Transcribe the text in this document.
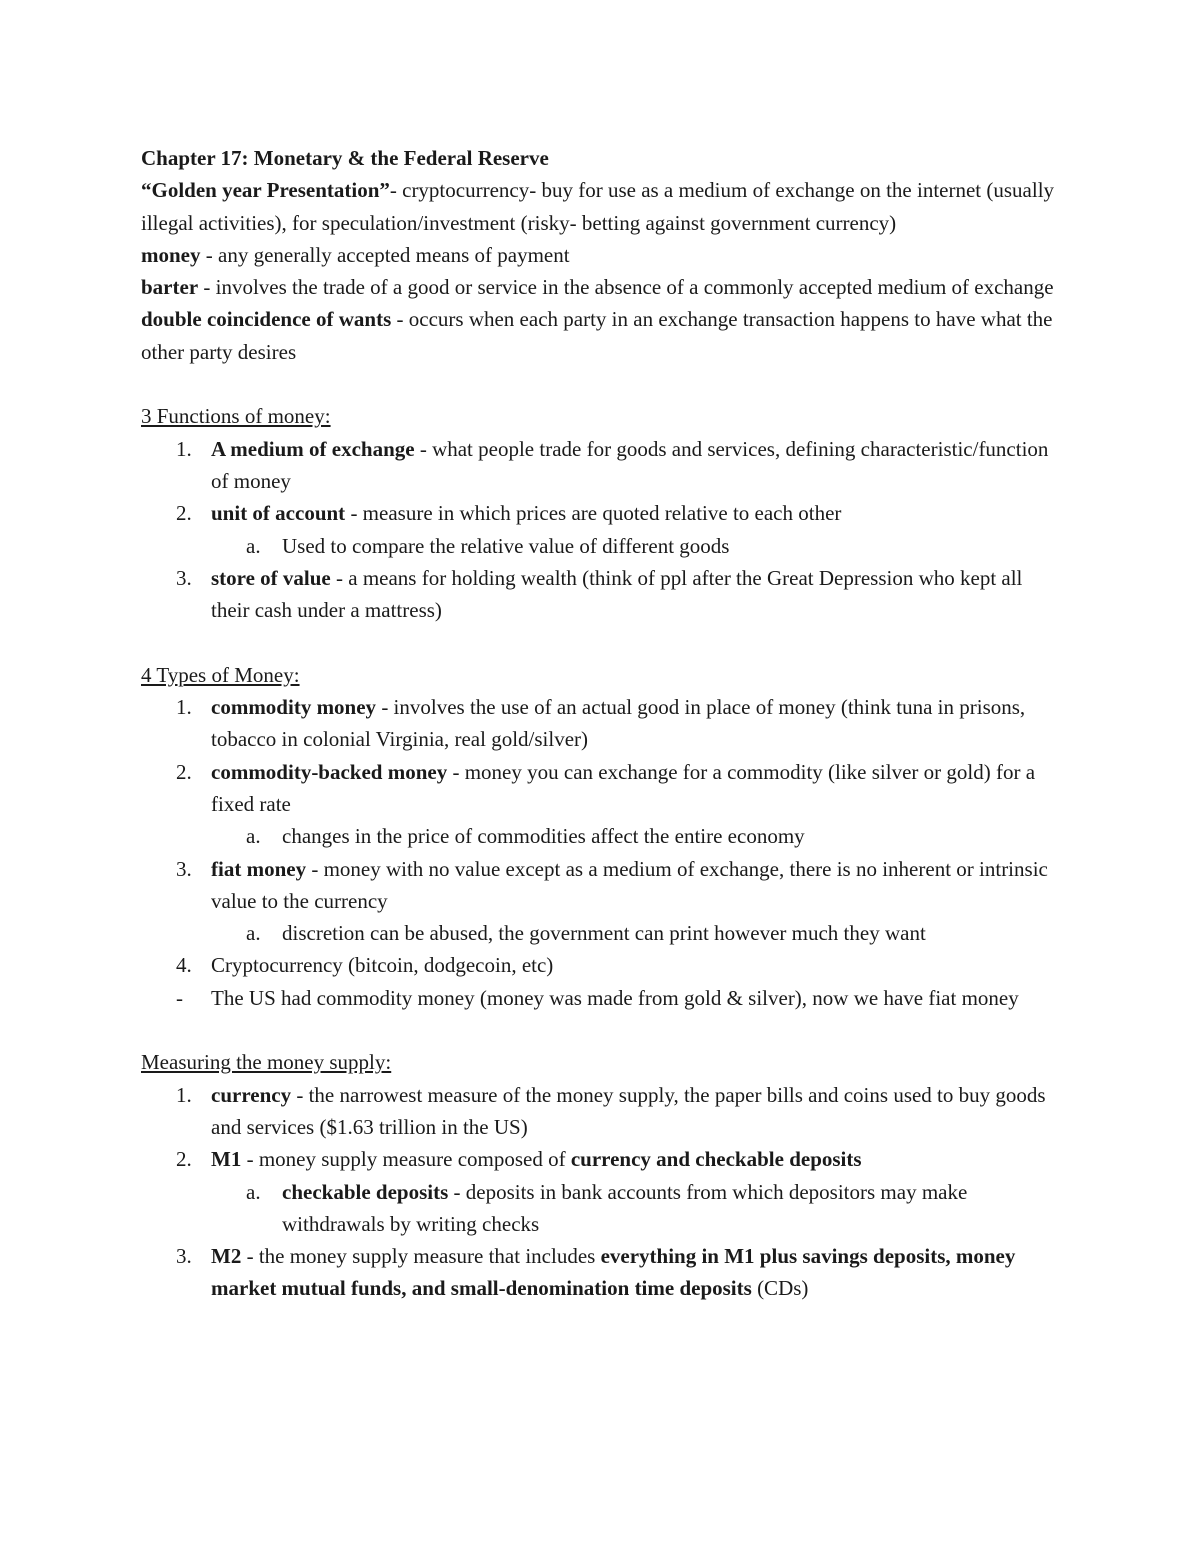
Chapter 17: Monetary & the Federal Reserve

“Golden year Presentation”- cryptocurrency- buy for use as a medium of exchange on the internet (usually illegal activities), for speculation/investment (risky- betting against government currency)

money - any generally accepted means of payment

barter - involves the trade of a good or service in the absence of a commonly accepted medium of exchange

double coincidence of wants - occurs when each party in an exchange transaction happens to have what the other party desires

3 Functions of money:

1. A medium of exchange - what people trade for goods and services, defining characteristic/function of money
2. unit of account - measure in which prices are quoted relative to each other
a. Used to compare the relative value of different goods
3. store of value - a means for holding wealth (think of ppl after the Great Depression who kept all their cash under a mattress)

4 Types of Money:

1. commodity money - involves the use of an actual good in place of money (think tuna in prisons, tobacco in colonial Virginia, real gold/silver)
2. commodity-backed money - money you can exchange for a commodity (like silver or gold) for a fixed rate
a. changes in the price of commodities affect the entire economy
3. fiat money - money with no value except as a medium of exchange, there is no inherent or intrinsic value to the currency
a. discretion can be abused, the government can print however much they want
4. Cryptocurrency (bitcoin, dodgecoin, etc)
- The US had commodity money (money was made from gold & silver), now we have fiat money

Measuring the money supply:

1. currency - the narrowest measure of the money supply, the paper bills and coins used to buy goods and services ($1.63 trillion in the US)
2. M1 - money supply measure composed of currency and checkable deposits
a. checkable deposits - deposits in bank accounts from which depositors may make withdrawals by writing checks
3. M2 - the money supply measure that includes everything in M1 plus savings deposits, money market mutual funds, and small-denomination time deposits (CDs)
